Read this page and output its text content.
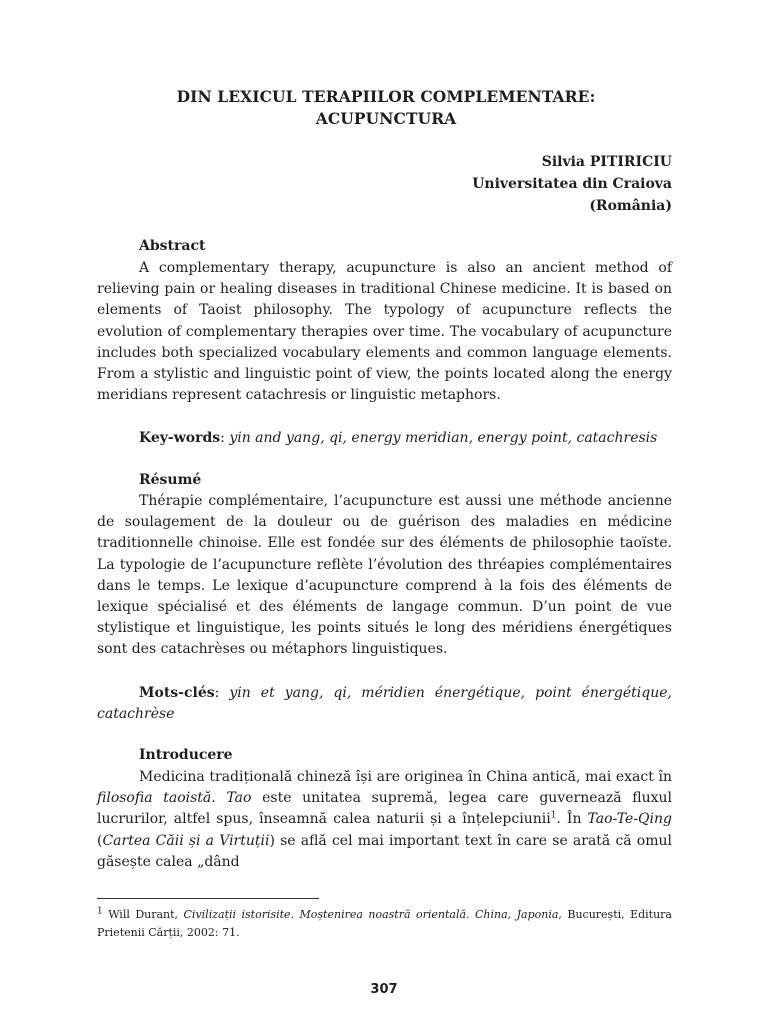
DIN LEXICUL TERAPIILOR COMPLEMENTARE:
ACUPUNCTURA
Silvia PITIRICIU
Universitatea din Craiova
(România)
Abstract
A complementary therapy, acupuncture is also an ancient method of relieving pain or healing diseases in traditional Chinese medicine. It is based on elements of Taoist philosophy. The typology of acupuncture reflects the evolution of complementary therapies over time. The vocabulary of acupuncture includes both specialized vocabulary elements and common language elements. From a stylistic and linguistic point of view, the points located along the energy meridians represent catachresis or linguistic metaphors.
Key-words: yin and yang, qi, energy meridian, energy point, catachresis
Résumé
Thérapie complémentaire, l’acupuncture est aussi une méthode ancienne de soulagement de la douleur ou de guérison des maladies en médicine traditionnelle chinoise. Elle est fondée sur des éléments de philosophie taoïste. La typologie de l’acupuncture reflète l’évolution des thréapies complémentaires dans le temps. Le lexique d’acupuncture comprend à la fois des éléments de lexique spécialisé et des éléments de langage commun. D’un point de vue stylistique et linguistique, les points situés le long des méridiens énergétiques sont des catachrèses ou métaphors linguistiques.
Mots-clés: yin et yang, qi, méridien énergétique, point énergétique, catachrèse
Introducere
Medicina tradițională chineză își are originea în China antică, mai exact în filosofia taoistă. Tao este unitatea supremă, legea care guvernează fluxul lucrurilor, altfel spus, înseamnă calea naturii și a înțelepciunii$^1$. În Tao-Te-Qing (Cartea Căii și a Virtuții) se află cel mai important text în care se arată că omul găsește calea „dând
$^1$ Will Durant, Civilizații istorisite. Moștenirea noastră orientală. China, Japonia, București, Editura Prietenii Cărții, 2002: 71.
307
